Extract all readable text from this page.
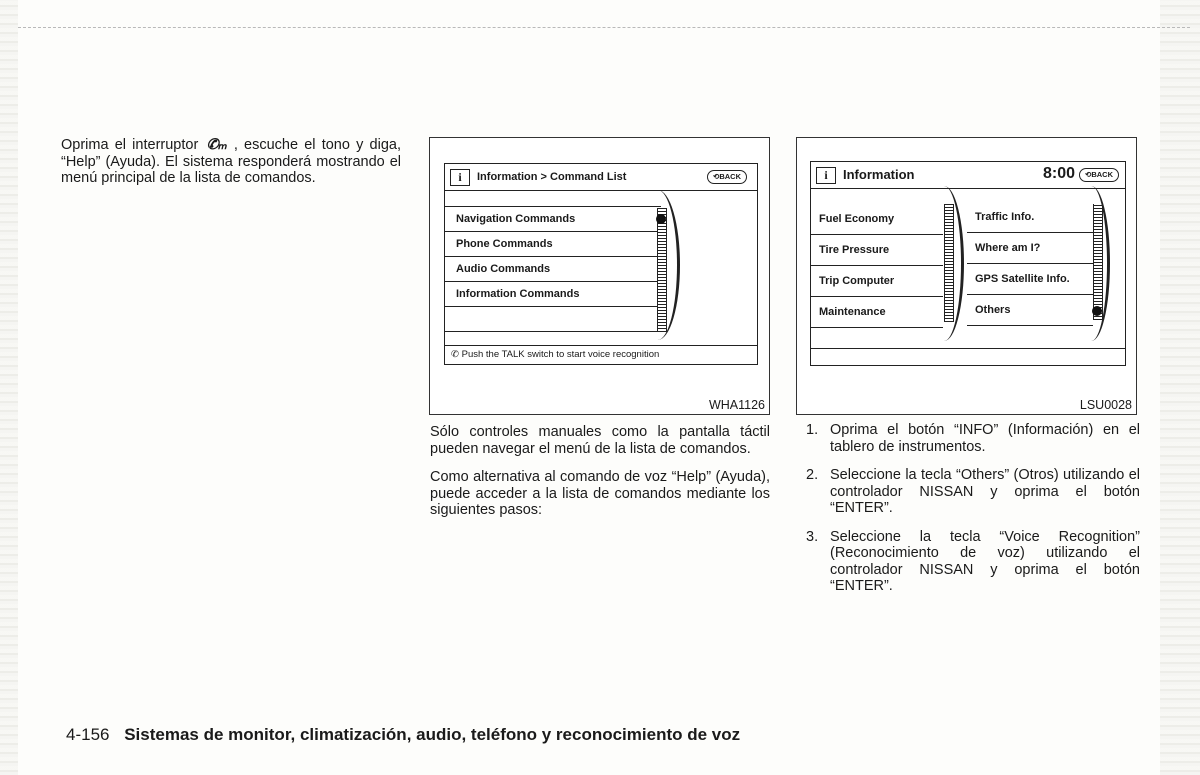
Oprima el interruptor ✆ₘ , escuche el tono y diga, “Help” (Ayuda). El sistema responderá mostrando el menú principal de la lista de comandos.	i	Information > Command List	⟲BACK
Navigation Commands
Phone Commands
Audio Commands
Information Commands
✆ Push the TALK switch to start voice recognition
WHA1126
i	Information	8:00	⟲BACK
Fuel Economy
Tire Pressure
Trip Computer
Maintenance
Traffic Info.
Where am I?
GPS Satellite Info.
Others
LSU0028
Sólo controles manuales como la pantalla táctil pueden navegar el menú de la lista de comandos.
Como alternativa al comando de voz “Help” (Ayuda), puede acceder a la lista de comandos mediante los siguientes pasos:
1. Oprima el botón “INFO” (Información) en el tablero de instrumentos.
2. Seleccione la tecla “Others” (Otros) utilizando el controlador NISSAN y oprima el botón “ENTER”.
3. Seleccione la tecla “Voice Recognition” (Reconocimiento de voz) utilizando el controlador NISSAN y oprima el botón “ENTER”.
4-156 Sistemas de monitor, climatización, audio, teléfono y reconocimiento de voz
